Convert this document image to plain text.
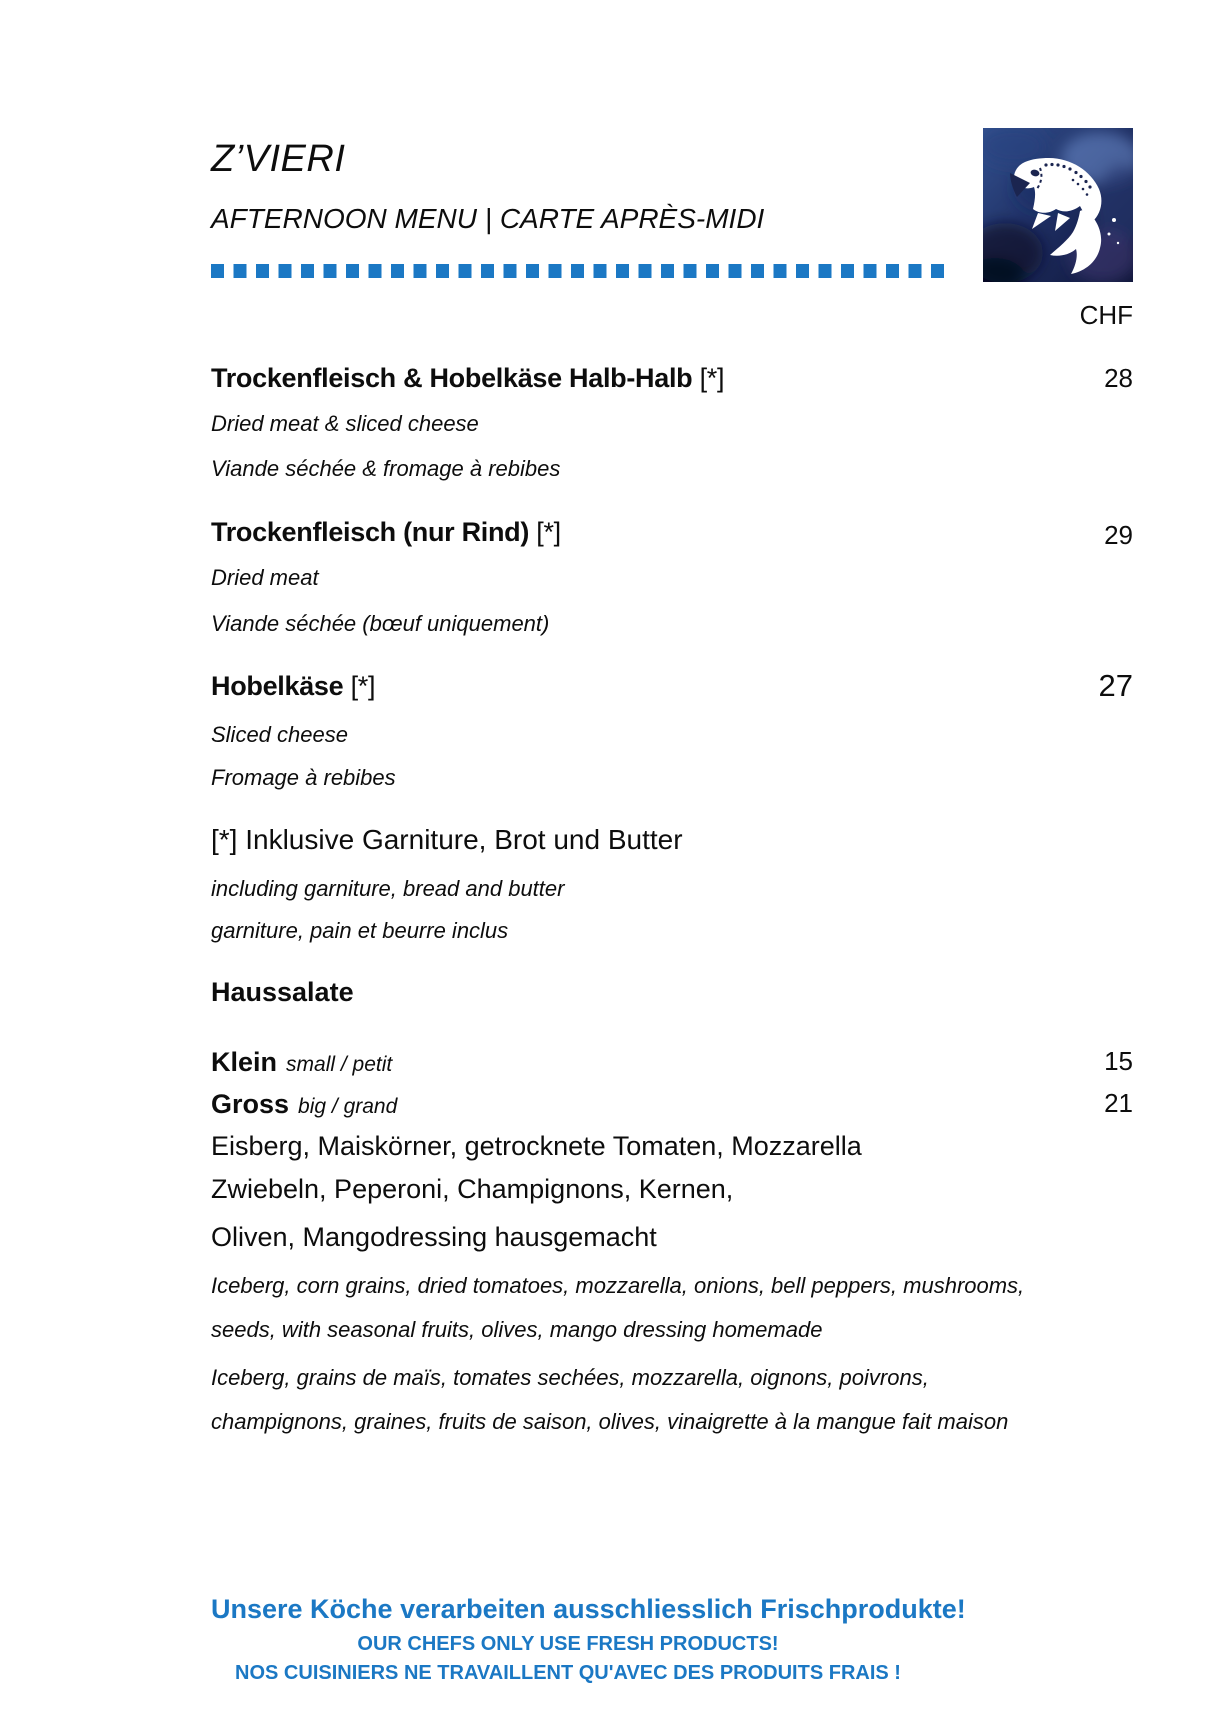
Z’VIERI
AFTERNOON MENU | CARTE APRÈS-MIDI
CHF
Trockenfleisch & Hobelkäse Halb-Halb [*]	28
Dried meat & sliced cheese
Viande séchée & fromage à rebibes
Trockenfleisch (nur Rind) [*]	29
Dried meat
Viande séchée (bœuf uniquement)
Hobelkäse [*]	27
Sliced cheese
Fromage à rebibes
[*] Inklusive Garniture, Brot und Butter
including garniture, bread and butter
garniture, pain et beurre inclus
Haussalate
Klein small / petit	15
Gross big / grand	21
Eisberg, Maiskörner, getrocknete Tomaten, Mozzarella
Zwiebeln, Peperoni, Champignons, Kernen,
Oliven, Mangodressing hausgemacht
Iceberg, corn grains, dried tomatoes, mozzarella, onions, bell peppers, mushrooms,
seeds, with seasonal fruits, olives, mango dressing homemade
Iceberg, grains de maïs, tomates sechées, mozzarella, oignons, poivrons,
champignons, graines, fruits de saison, olives, vinaigrette à la mangue fait maison
Unsere Köche verarbeiten ausschliesslich Frischprodukte!
OUR CHEFS ONLY USE FRESH PRODUCTS!
NOS CUISINIERS NE TRAVAILLENT QU'AVEC DES PRODUITS FRAIS !
